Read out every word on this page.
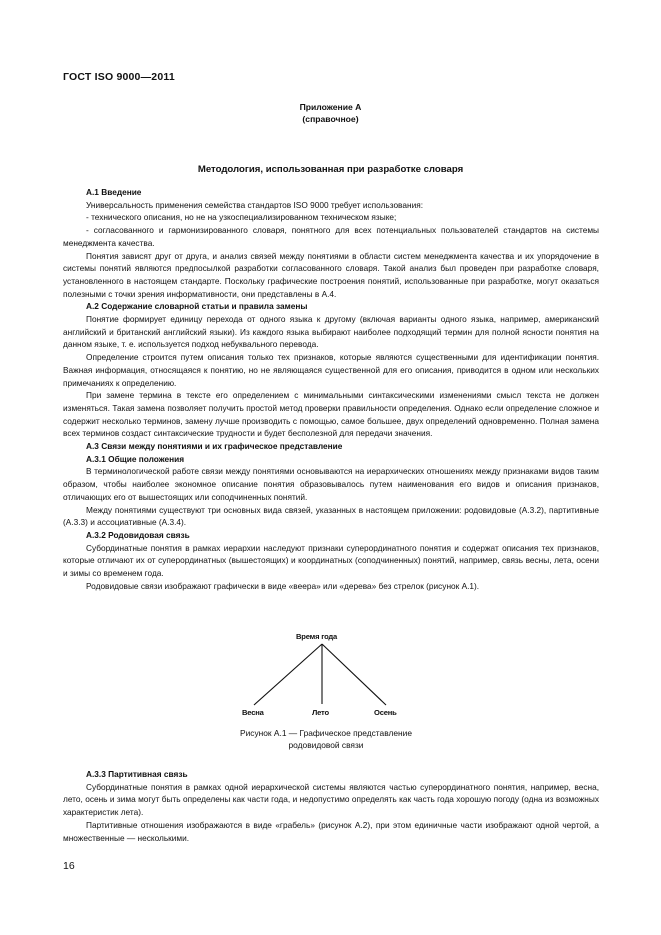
ГОСТ ISO 9000—2011
Приложение А
(справочное)
Методология, использованная при разработке словаря

А.1 Введение

Универсальность применения семейства стандартов ISO 9000 требует использования:

- технического описания, но не на узкоспециализированном техническом языке;

- согласованного и гармонизированного словаря, понятного для всех потенциальных пользователей стандартов на системы менеджмента качества.

Понятия зависят друг от друга, и анализ связей между понятиями в области систем менеджмента качества и их упорядочение в системы понятий являются предпосылкой разработки согласованного словаря. Такой анализ был проведен при разработке словаря, установленного в настоящем стандарте. Поскольку графические построения понятий, использованные при разработке, могут оказаться полезными с точки зрения информативности, они представлены в А.4.

А.2 Содержание словарной статьи и правила замены

Понятие формирует единицу перехода от одного языка к другому (включая варианты одного языка, например, американский английский и британский английский языки). Из каждого языка выбирают наиболее подходящий термин для полной ясности понятия на данном языке, т. е. используется подход небуквального перевода.

Определение строится путем описания только тех признаков, которые являются существенными для идентификации понятия. Важная информация, относящаяся к понятию, но не являющаяся существенной для его описания, приводится в одном или нескольких примечаниях к определению.

При замене термина в тексте его определением с минимальными синтаксическими изменениями смысл текста не должен изменяться. Такая замена позволяет получить простой метод проверки правильности определения. Однако если определение сложное и содержит несколько терминов, замену лучше производить с помощью, самое большее, двух определений одновременно. Полная замена всех терминов создаст синтаксические трудности и будет бесполезной для передачи значения.

А.3 Связи между понятиями и их графическое представление

А.3.1 Общие положения

В терминологической работе связи между понятиями основываются на иерархических отношениях между признаками видов таким образом, чтобы наиболее экономное описание понятия образовывалось путем наименования его видов и описания признаков, отличающих его от вышестоящих или соподчиненных понятий.

Между понятиями существуют три основных вида связей, указанных в настоящем приложении: родовидовые (А.3.2), партитивные (А.3.3) и ассоциативные (А.3.4).

А.3.2 Родовидовая связь

Субординатные понятия в рамках иерархии наследуют признаки суперординатного понятия и содержат описания тех признаков, которые отличают их от суперординатных (вышестоящих) и координатных (соподчиненных) понятий, например, связь весны, лета, осени и зимы со временем года.

Родовидовые связи изображают графически в виде «веера» или «дерева» без стрелок (рисунок А.1).

Время года
Весна	Лето	Осень
Рисунок А.1 — Графическое представление родовидовой связи

А.3.3 Партитивная связь

Субординатные понятия в рамках одной иерархической системы являются частью суперординатного понятия, например, весна, лето, осень и зима могут быть определены как части года, и недопустимо определять как часть года хорошую погоду (одна из возможных характеристик лета).

Партитивные отношения изображаются в виде «грабель» (рисунок А.2), при этом единичные части изображают одной чертой, а множественные — несколькими.

16
